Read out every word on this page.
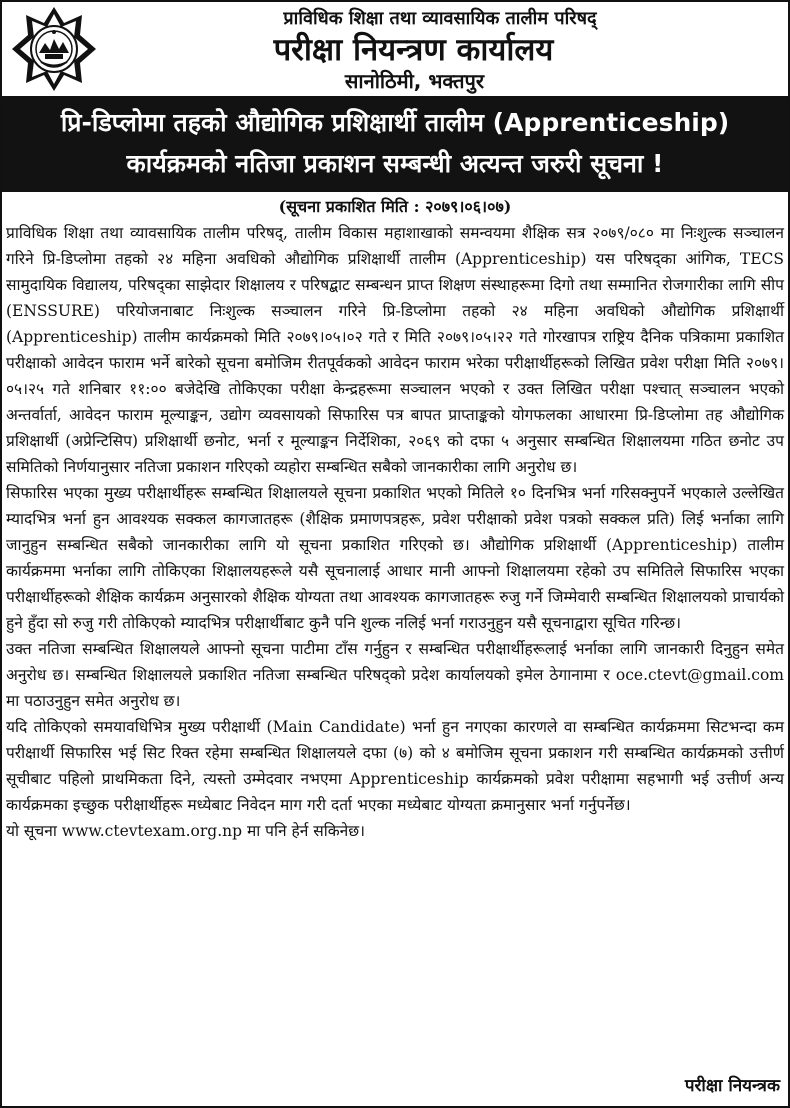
प्राविधिक शिक्षा तथा व्यावसायिक तालीम परिषद्
परीक्षा नियन्त्रण कार्यालय
सानोठिमी, भक्तपुर
प्रि-डिप्लोमा तहको औद्योगिक प्रशिक्षार्थी तालीम (Apprenticeship)
कार्यक्रमको नतिजा प्रकाशन सम्बन्धी अत्यन्त जरुरी सूचना !
(सूचना प्रकाशित मिति : २०७९।०६।०७)

प्राविधिक शिक्षा तथा व्यावसायिक तालीम परिषद्, तालीम विकास महाशाखाको समन्वयमा शैक्षिक सत्र २०७९/०८० मा निःशुल्क सञ्चालन गरिने प्रि-डिप्लोमा तहको २४ महिना अवधिको औद्योगिक प्रशिक्षार्थी तालीम (Apprenticeship) यस परिषद्का आंगिक, TECS सामुदायिक विद्यालय, परिषद्का साझेदार शिक्षालय र परिषद्बाट सम्बन्धन प्राप्त शिक्षण संस्थाहरूमा दिगो तथा सम्मानित रोजगारीका लागि सीप (ENSSURE) परियोजनाबाट निःशुल्क सञ्चालन गरिने प्रि-डिप्लोमा तहको २४ महिना अवधिको औद्योगिक प्रशिक्षार्थी (Apprenticeship) तालीम कार्यक्रमको मिति २०७९।०५।०२ गते र मिति २०७९।०५।२२ गते गोरखापत्र राष्ट्रिय दैनिक पत्रिकामा प्रकाशित परीक्षाको आवेदन फाराम भर्ने बारेको सूचना बमोजिम रीतपूर्वकको आवेदन फाराम भरेका परीक्षार्थीहरूको लिखित प्रवेश परीक्षा मिति २०७९।०५।२५ गते शनिबार ११:०० बजेदेखि तोकिएका परीक्षा केन्द्रहरूमा सञ्चालन भएको र उक्त लिखित परीक्षा पश्चात् सञ्चालन भएको अन्तर्वार्ता, आवेदन फाराम मूल्याङ्कन, उद्योग व्यवसायको सिफारिस पत्र बापत प्राप्ताङ्कको योगफलका आधारमा प्रि-डिप्लोमा तह औद्योगिक प्रशिक्षार्थी (अप्रेन्टिसिप) प्रशिक्षार्थी छनोट, भर्ना र मूल्याङ्कन निर्देशिका, २०६९ को दफा ५ अनुसार सम्बन्धित शिक्षालयमा गठित छनोट उप समितिको निर्णयानुसार नतिजा प्रकाशन गरिएको व्यहोरा सम्बन्धित सबैको जानकारीका लागि अनुरोध छ।

सिफारिस भएका मुख्य परीक्षार्थीहरू सम्बन्धित शिक्षालयले सूचना प्रकाशित भएको मितिले १० दिनभित्र भर्ना गरिसक्नुपर्ने भएकाले उल्लेखित म्यादभित्र भर्ना हुन आवश्यक सक्कल कागजातहरू (शैक्षिक प्रमाणपत्रहरू, प्रवेश परीक्षाको प्रवेश पत्रको सक्कल प्रति) लिई भर्नाका लागि जानुहुन सम्बन्धित सबैको जानकारीका लागि यो सूचना प्रकाशित गरिएको छ। औद्योगिक प्रशिक्षार्थी (Apprenticeship) तालीम कार्यक्रममा भर्नाका लागि तोकिएका शिक्षालयहरूले यसै सूचनालाई आधार मानी आफ्नो शिक्षालयमा रहेको उप समितिले सिफारिस भएका परीक्षार्थीहरूको शैक्षिक कार्यक्रम अनुसारको शैक्षिक योग्यता तथा आवश्यक कागजातहरू रुजु गर्ने जिम्मेवारी सम्बन्धित शिक्षालयको प्राचार्यको हुने हुँदा सो रुजु गरी तोकिएको म्यादभित्र परीक्षार्थीबाट कुनै पनि शुल्क नलिई भर्ना गराउनुहुन यसै सूचनाद्वारा सूचित गरिन्छ।

उक्त नतिजा सम्बन्धित शिक्षालयले आफ्नो सूचना पाटीमा टाँस गर्नुहुन र सम्बन्धित परीक्षार्थीहरूलाई भर्नाका लागि जानकारी दिनुहुन समेत अनुरोध छ। सम्बन्धित शिक्षालयले प्रकाशित नतिजा सम्बन्धित परिषद्को प्रदेश कार्यालयको इमेल ठेगानामा र oce.ctevt@gmail.com मा पठाउनुहुन समेत अनुरोध छ।

यदि तोकिएको समयावधिभित्र मुख्य परीक्षार्थी (Main Candidate) भर्ना हुन नगएका कारणले वा सम्बन्धित कार्यक्रममा सिटभन्दा कम परीक्षार्थी सिफारिस भई सिट रिक्त रहेमा सम्बन्धित शिक्षालयले दफा (७) को ४ बमोजिम सूचना प्रकाशन गरी सम्बन्धित कार्यक्रमको उत्तीर्ण सूचीबाट पहिलो प्राथमिकता दिने, त्यस्तो उम्मेदवार नभएमा Apprenticeship कार्यक्रमको प्रवेश परीक्षामा सहभागी भई उत्तीर्ण अन्य कार्यक्रमका इच्छुक परीक्षार्थीहरू मध्येबाट निवेदन माग गरी दर्ता भएका मध्येबाट योग्यता क्रमानुसार भर्ना गर्नुपर्नेछ।

यो सूचना www.ctevtexam.org.np मा पनि हेर्न सकिनेछ।

परीक्षा नियन्त्रक
